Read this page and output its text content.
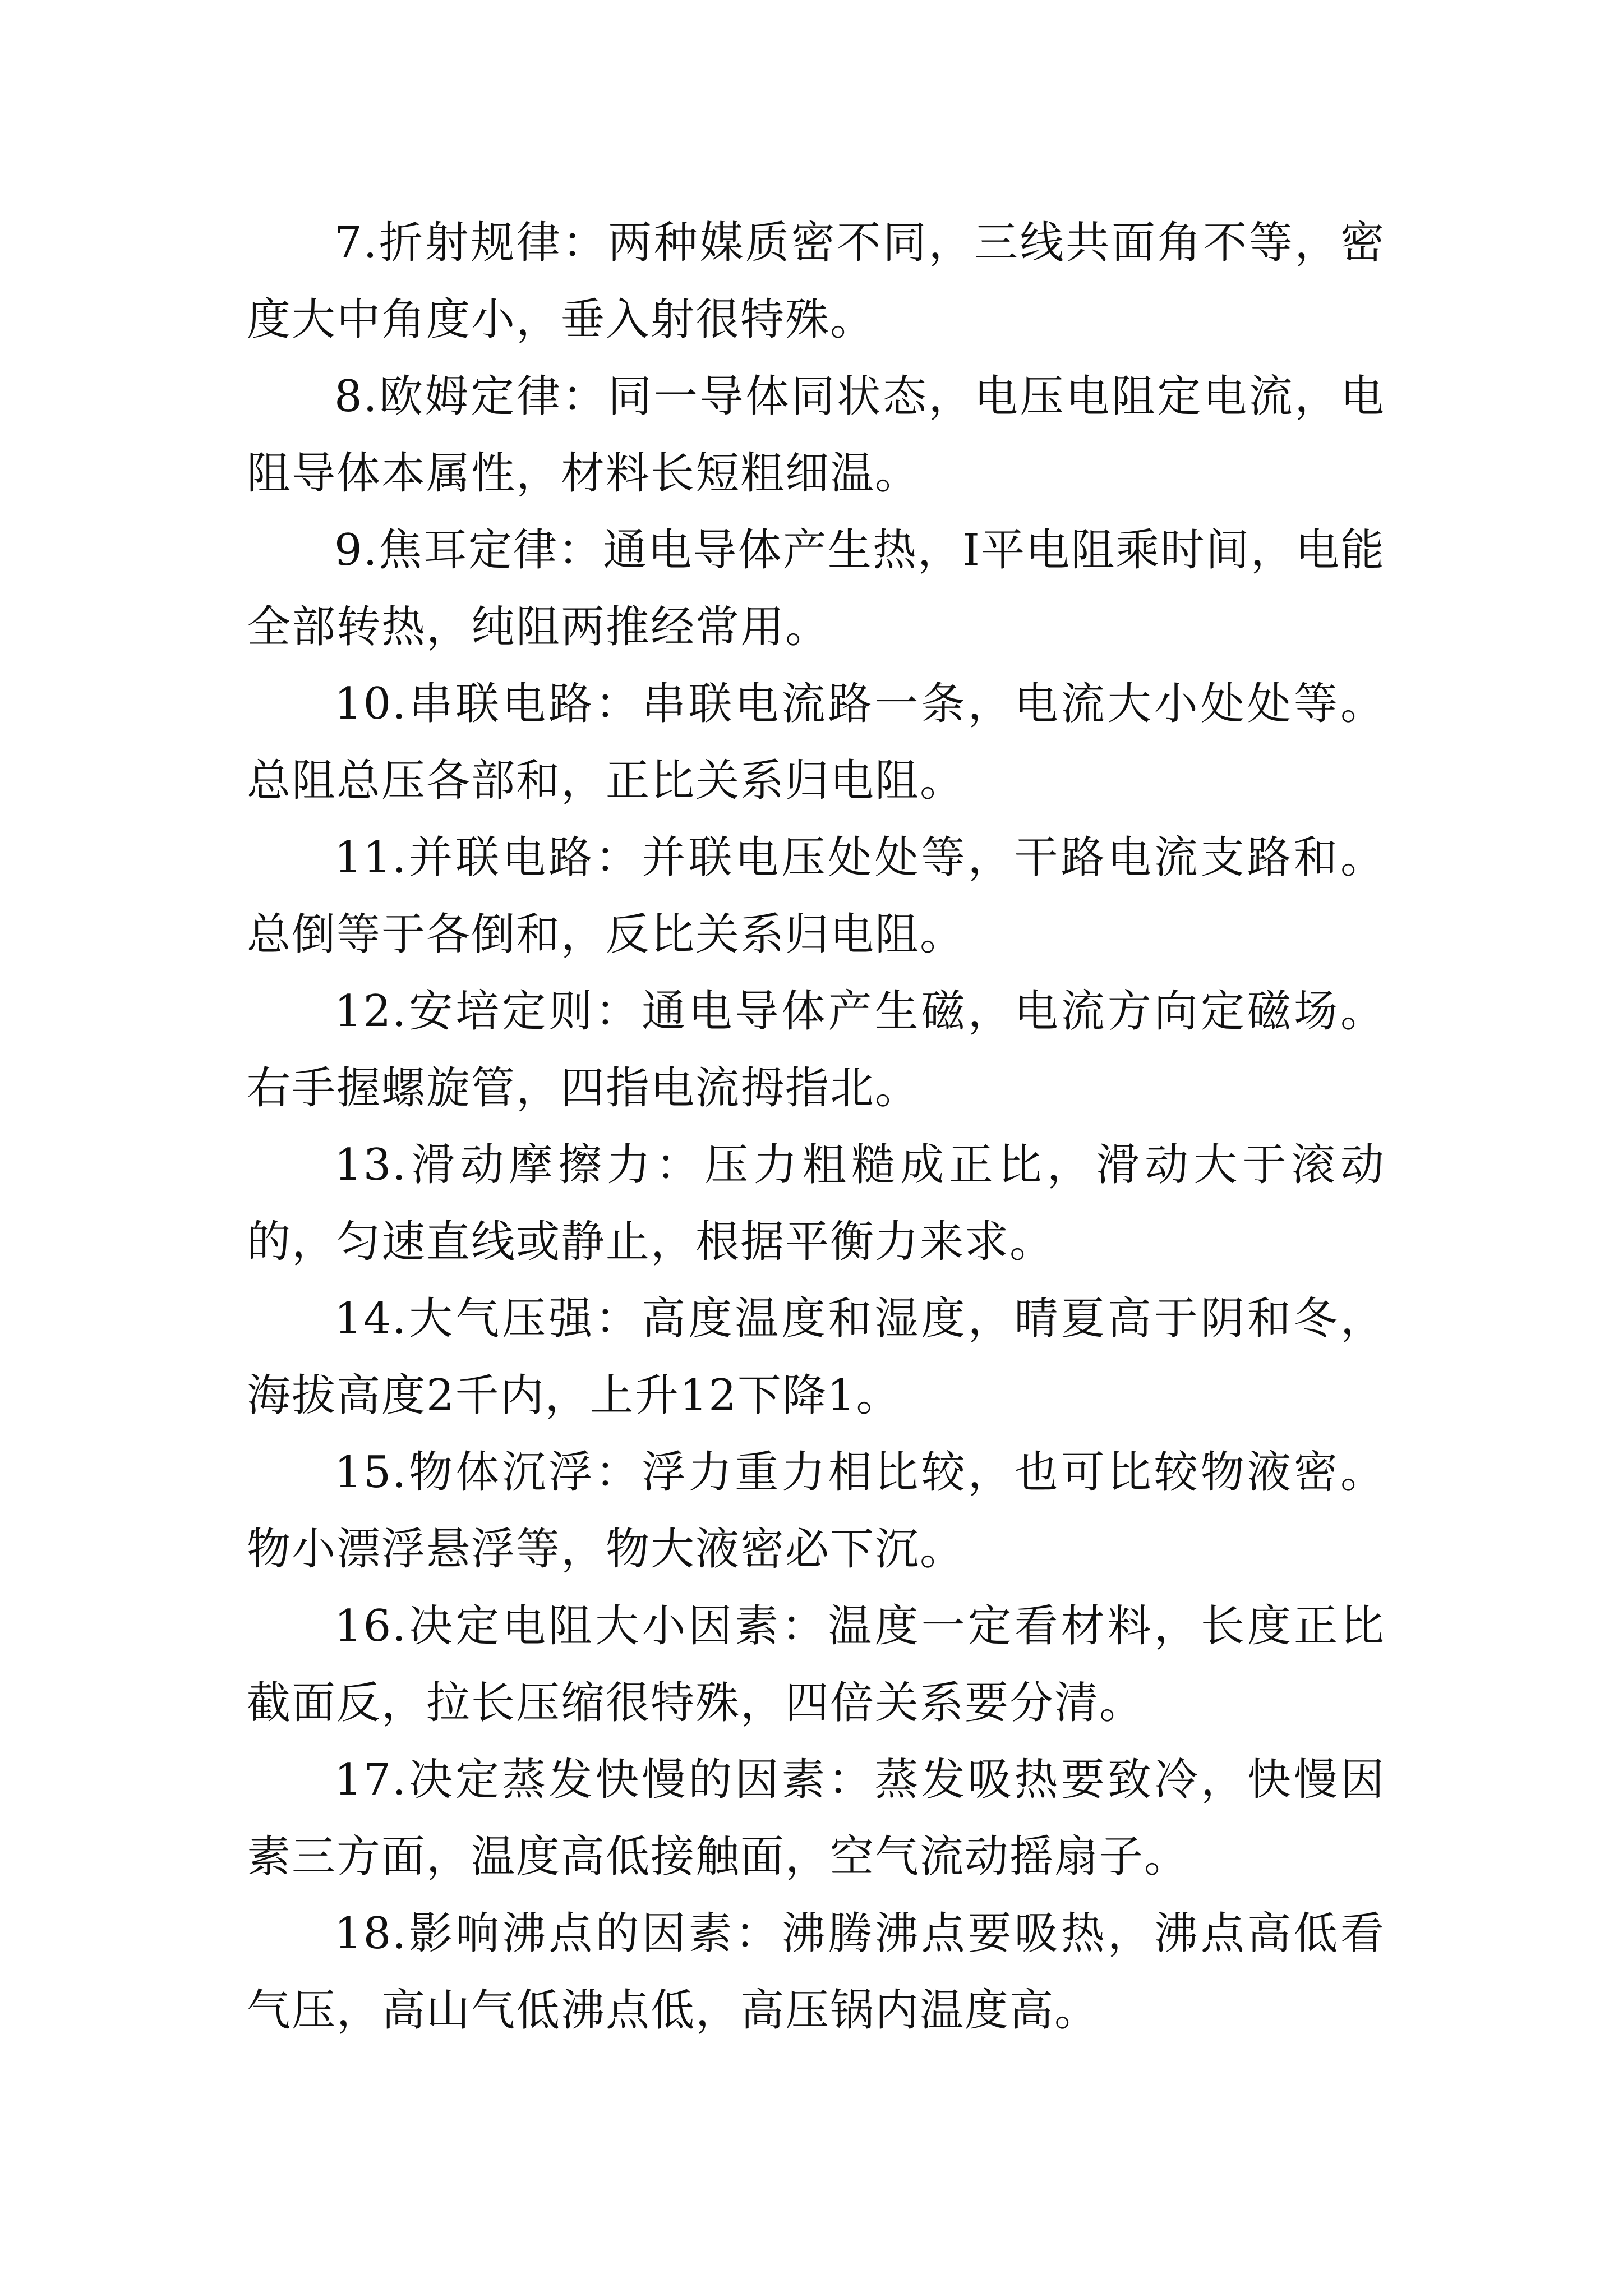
7.折射规律：两种媒质密不同，三线共面角不等，密度大中角度小，垂入射很特殊。

8.欧姆定律：同一导体同状态，电压电阻定电流，电阻导体本属性，材料长短粗细温。

9.焦耳定律：通电导体产生热，I平电阻乘时间，电能全部转热，纯阻两推经常用。

10.串联电路：串联电流路一条，电流大小处处等。总阻总压各部和，正比关系归电阻。

11.并联电路：并联电压处处等，干路电流支路和。总倒等于各倒和，反比关系归电阻。

12.安培定则：通电导体产生磁，电流方向定磁场。右手握螺旋管，四指电流拇指北。

13.滑动摩擦力：压力粗糙成正比，滑动大于滚动的，匀速直线或静止，根据平衡力来求。

14.大气压强：高度温度和湿度，晴夏高于阴和冬，海拔高度2千内，上升12下降1。

15.物体沉浮：浮力重力相比较，也可比较物液密。物小漂浮悬浮等，物大液密必下沉。

16.决定电阻大小因素：温度一定看材料，长度正比截面反，拉长压缩很特殊，四倍关系要分清。

17.决定蒸发快慢的因素：蒸发吸热要致冷，快慢因素三方面，温度高低接触面，空气流动摇扇子。

18.影响沸点的因素：沸腾沸点要吸热，沸点高低看气压，高山气低沸点低，高压锅内温度高。
